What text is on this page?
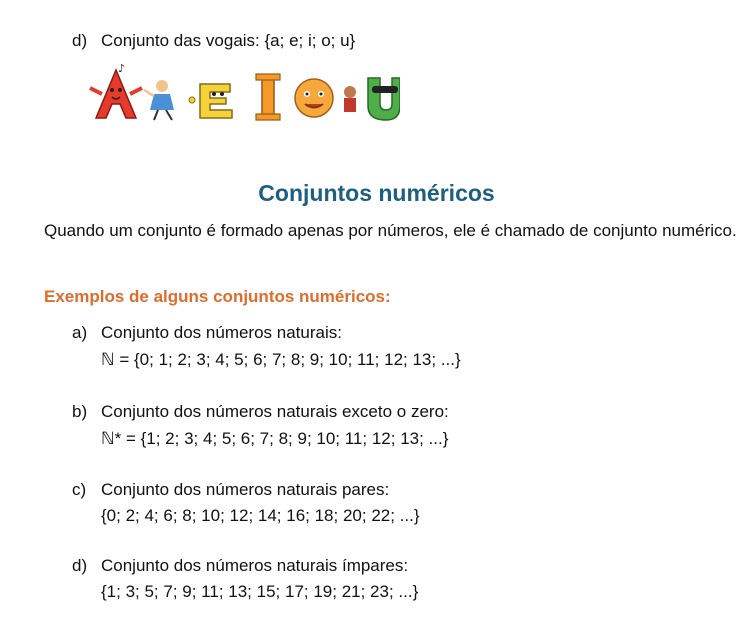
d) Conjunto das vogais: {a; e; i; o; u}
♪
Conjuntos numéricos
Quando um conjunto é formado apenas por números, ele é chamado de conjunto numérico.
Exemplos de alguns conjuntos numéricos:
a) Conjunto dos números naturais:
ℕ = {0; 1; 2; 3; 4; 5; 6; 7; 8; 9; 10; 11; 12; 13; ...}
b) Conjunto dos números naturais exceto o zero:
ℕ* = {1; 2; 3; 4; 5; 6; 7; 8; 9; 10; 11; 12; 13; ...}
c) Conjunto dos números naturais pares:
{0; 2; 4; 6; 8; 10; 12; 14; 16; 18; 20; 22; ...}
d) Conjunto dos números naturais ímpares:
{1; 3; 5; 7; 9; 11; 13; 15; 17; 19; 21; 23; ...}
